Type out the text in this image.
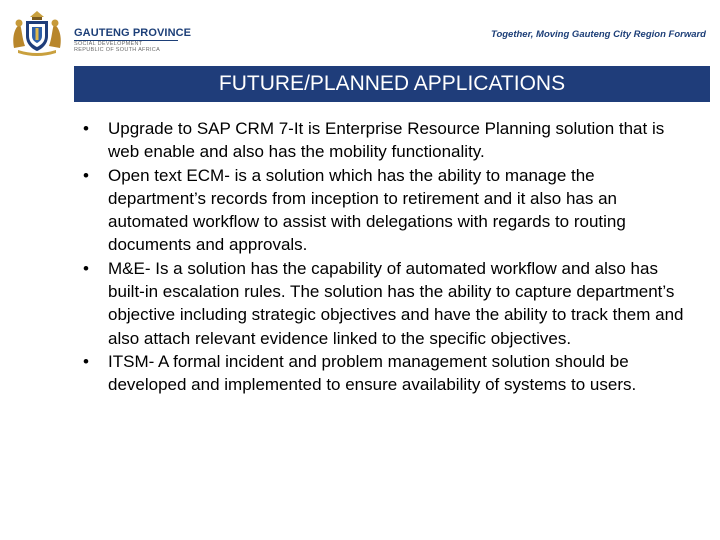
GAUTENG PROVINCE
SOCIAL DEVELOPMENT
REPUBLIC OF SOUTH AFRICA
Together, Moving Gauteng City Region Forward
FUTURE/PLANNED APPLICATIONS
• Upgrade to SAP CRM 7-It is Enterprise Resource Planning solution that is web enable and also has the mobility functionality.
• Open text ECM- is a solution which has the ability to manage the department’s records from inception to retirement and it also has an automated workflow to assist with delegations with regards to routing documents and approvals.
• M&E- Is a solution has the capability of automated workflow and also has built-in escalation rules. The solution has the ability to capture department’s objective including strategic objectives and have the ability to track them and also attach relevant evidence linked to the specific objectives.
• ITSM- A formal incident and problem management solution should be developed and implemented to ensure availability of systems to users.
